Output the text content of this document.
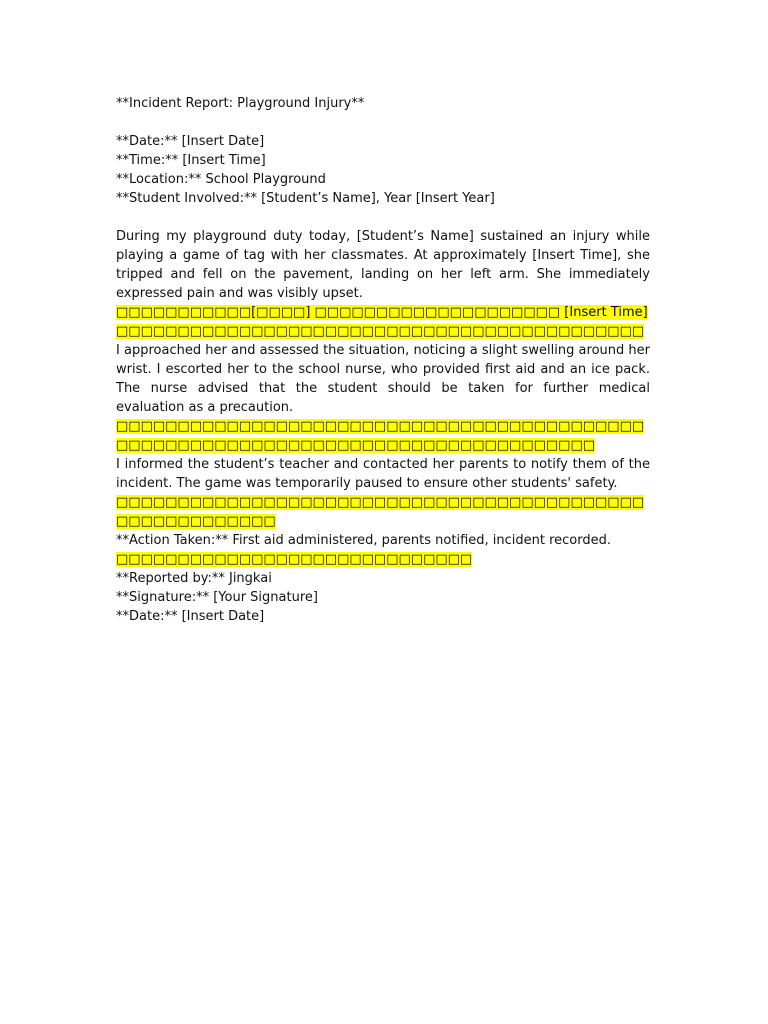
**Incident Report: Playground Injury**
**Date:** [Insert Date]
**Time:** [Insert Time]
**Location:** School Playground
**Student Involved:** [Student’s Name], Year [Insert Year]

During my playground duty today, [Student’s Name] sustained an injury while playing a game of tag with her classmates. At approximately [Insert Time], she tripped and fell on the pavement, landing on her left arm. She immediately expressed pain and was visibly upset.

□□□□□□□□□□□[□□□□] □□□□□□□□□□□□□□□□□□□□ [Insert Time] □□□□□□□□□□□□□□□□□□□□□□□□□□□□□□□□□□□□□□□□□□□

I approached her and assessed the situation, noticing a slight swelling around her wrist. I escorted her to the school nurse, who provided first aid and an ice pack. The nurse advised that the student should be taken for further medical evaluation as a precaution.

□□□□□□□□□□□□□□□□□□□□□□□□□□□□□□□□□□□□□□□□□□□□□□□□□□□□□□□□□□□□□□□□□□□□□□□□□□□□□□□□□□

I informed the student’s teacher and contacted her parents to notify them of the incident. The game was temporarily paused to ensure other students' safety.

□□□□□□□□□□□□□□□□□□□□□□□□□□□□□□□□□□□□□□□□□□□□□□□□□□□□□□□□

**Action Taken:** First aid administered, parents notified, incident recorded.

□□□□□□□□□□□□□□□□□□□□□□□□□□□□□

**Reported by:** Jingkai
**Signature:** [Your Signature]
**Date:** [Insert Date]
